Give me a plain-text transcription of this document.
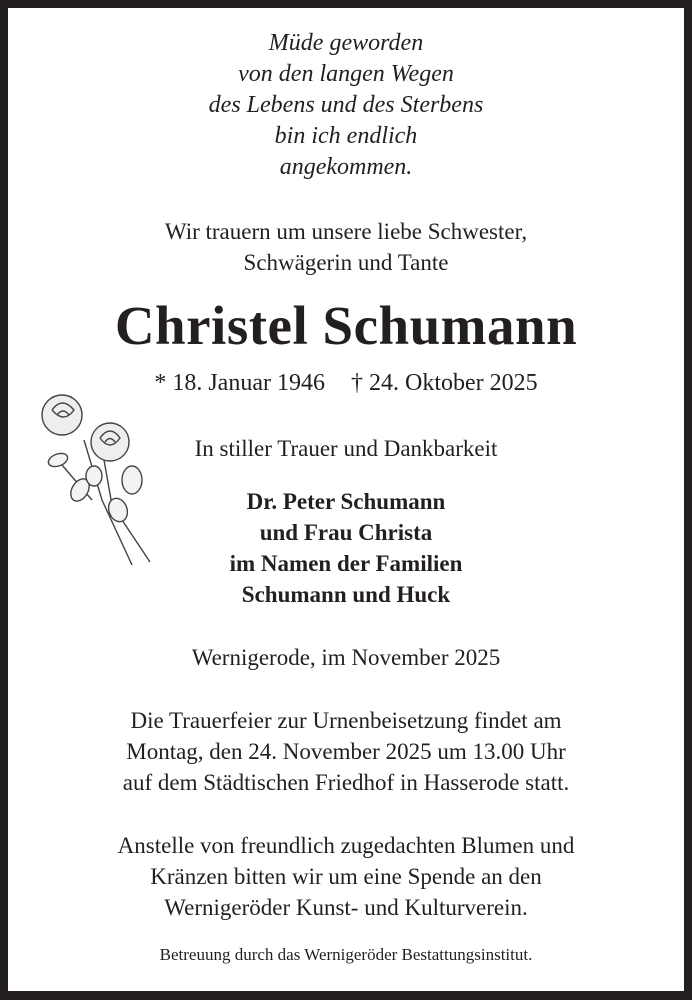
Müde geworden
von den langen Wegen
des Lebens und des Sterbens
bin ich endlich
angekommen.
Wir trauern um unsere liebe Schwester,
Schwägerin und Tante
Christel Schumann
* 18. Januar 1946 † 24. Oktober 2025
In stiller Trauer und Dankbarkeit
Dr. Peter Schumann
und Frau Christa
im Namen der Familien
Schumann und Huck
Wernigerode, im November 2025
Die Trauerfeier zur Urnenbeisetzung findet am
Montag, den 24. November 2025 um 13.00 Uhr
auf dem Städtischen Friedhof in Hasserode statt.
Anstelle von freundlich zugedachten Blumen und
Kränzen bitten wir um eine Spende an den
Wernigeröder Kunst- und Kulturverein.
Betreuung durch das Wernigeröder Bestattungsinstitut.
